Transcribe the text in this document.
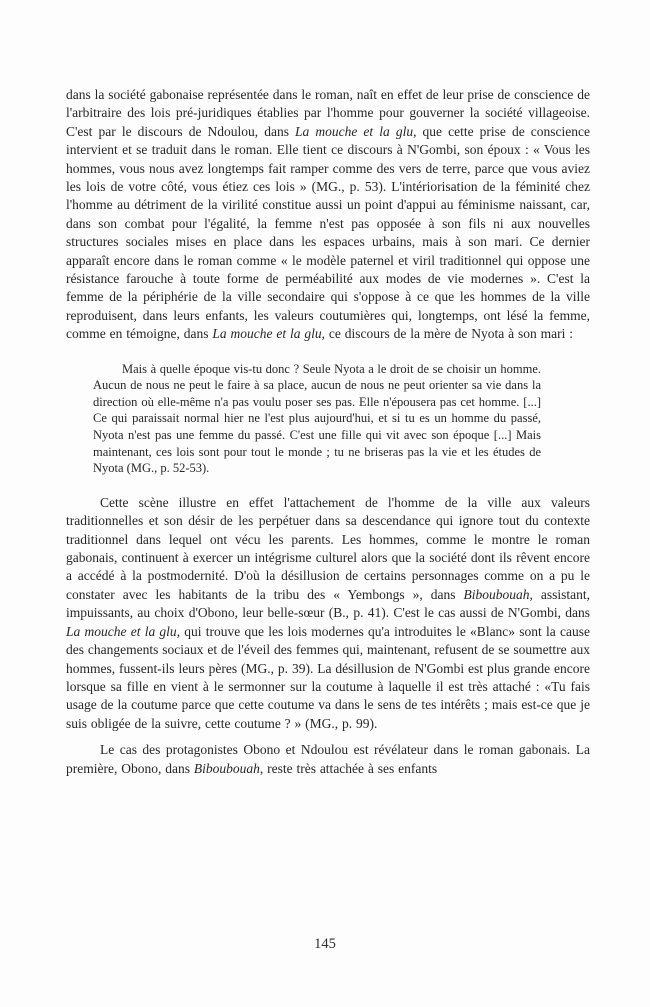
dans la société gabonaise représentée dans le roman, naît en effet de leur prise de conscience de l'arbitraire des lois pré-juridiques établies par l'homme pour gouverner la société villageoise. C'est par le discours de Ndoulou, dans La mouche et la glu, que cette prise de conscience intervient et se traduit dans le roman. Elle tient ce discours à N'Gombi, son époux : « Vous les hommes, vous nous avez longtemps fait ramper comme des vers de terre, parce que vous aviez les lois de votre côté, vous étiez ces lois » (MG., p. 53). L'intériorisation de la féminité chez l'homme au détriment de la virilité constitue aussi un point d'appui au féminisme naissant, car, dans son combat pour l'égalité, la femme n'est pas opposée à son fils ni aux nouvelles structures sociales mises en place dans les espaces urbains, mais à son mari. Ce dernier apparaît encore dans le roman comme « le modèle paternel et viril traditionnel qui oppose une résistance farouche à toute forme de perméabilité aux modes de vie modernes ». C'est la femme de la périphérie de la ville secondaire qui s'oppose à ce que les hommes de la ville reproduisent, dans leurs enfants, les valeurs coutumières qui, longtemps, ont lésé la femme, comme en témoigne, dans La mouche et la glu, ce discours de la mère de Nyota à son mari :

Mais à quelle époque vis-tu donc ? Seule Nyota a le droit de se choisir un homme. Aucun de nous ne peut le faire à sa place, aucun de nous ne peut orienter sa vie dans la direction où elle-même n'a pas voulu poser ses pas. Elle n'épousera pas cet homme. [...] Ce qui paraissait normal hier ne l'est plus aujourd'hui, et si tu es un homme du passé, Nyota n'est pas une femme du passé. C'est une fille qui vit avec son époque [...] Mais maintenant, ces lois sont pour tout le monde ; tu ne briseras pas la vie et les études de Nyota (MG., p. 52-53).

Cette scène illustre en effet l'attachement de l'homme de la ville aux valeurs traditionnelles et son désir de les perpétuer dans sa descendance qui ignore tout du contexte traditionnel dans lequel ont vécu les parents. Les hommes, comme le montre le roman gabonais, continuent à exercer un intégrisme culturel alors que la société dont ils rêvent encore a accédé à la postmodernité. D'où la désillusion de certains personnages comme on a pu le constater avec les habitants de la tribu des « Yembongs », dans Biboubouah, assistant, impuissants, au choix d'Obono, leur belle-sœur (B., p. 41). C'est le cas aussi de N'Gombi, dans La mouche et la glu, qui trouve que les lois modernes qu'a introduites le «Blanc» sont la cause des changements sociaux et de l'éveil des femmes qui, maintenant, refusent de se soumettre aux hommes, fussent-ils leurs pères (MG., p. 39). La désillusion de N'Gombi est plus grande encore lorsque sa fille en vient à le sermonner sur la coutume à laquelle il est très attaché : «Tu fais usage de la coutume parce que cette coutume va dans le sens de tes intérêts ; mais est-ce que je suis obligée de la suivre, cette coutume ? » (MG., p. 99).

Le cas des protagonistes Obono et Ndoulou est révélateur dans le roman gabonais. La première, Obono, dans Biboubouah, reste très attachée à ses enfants

145
